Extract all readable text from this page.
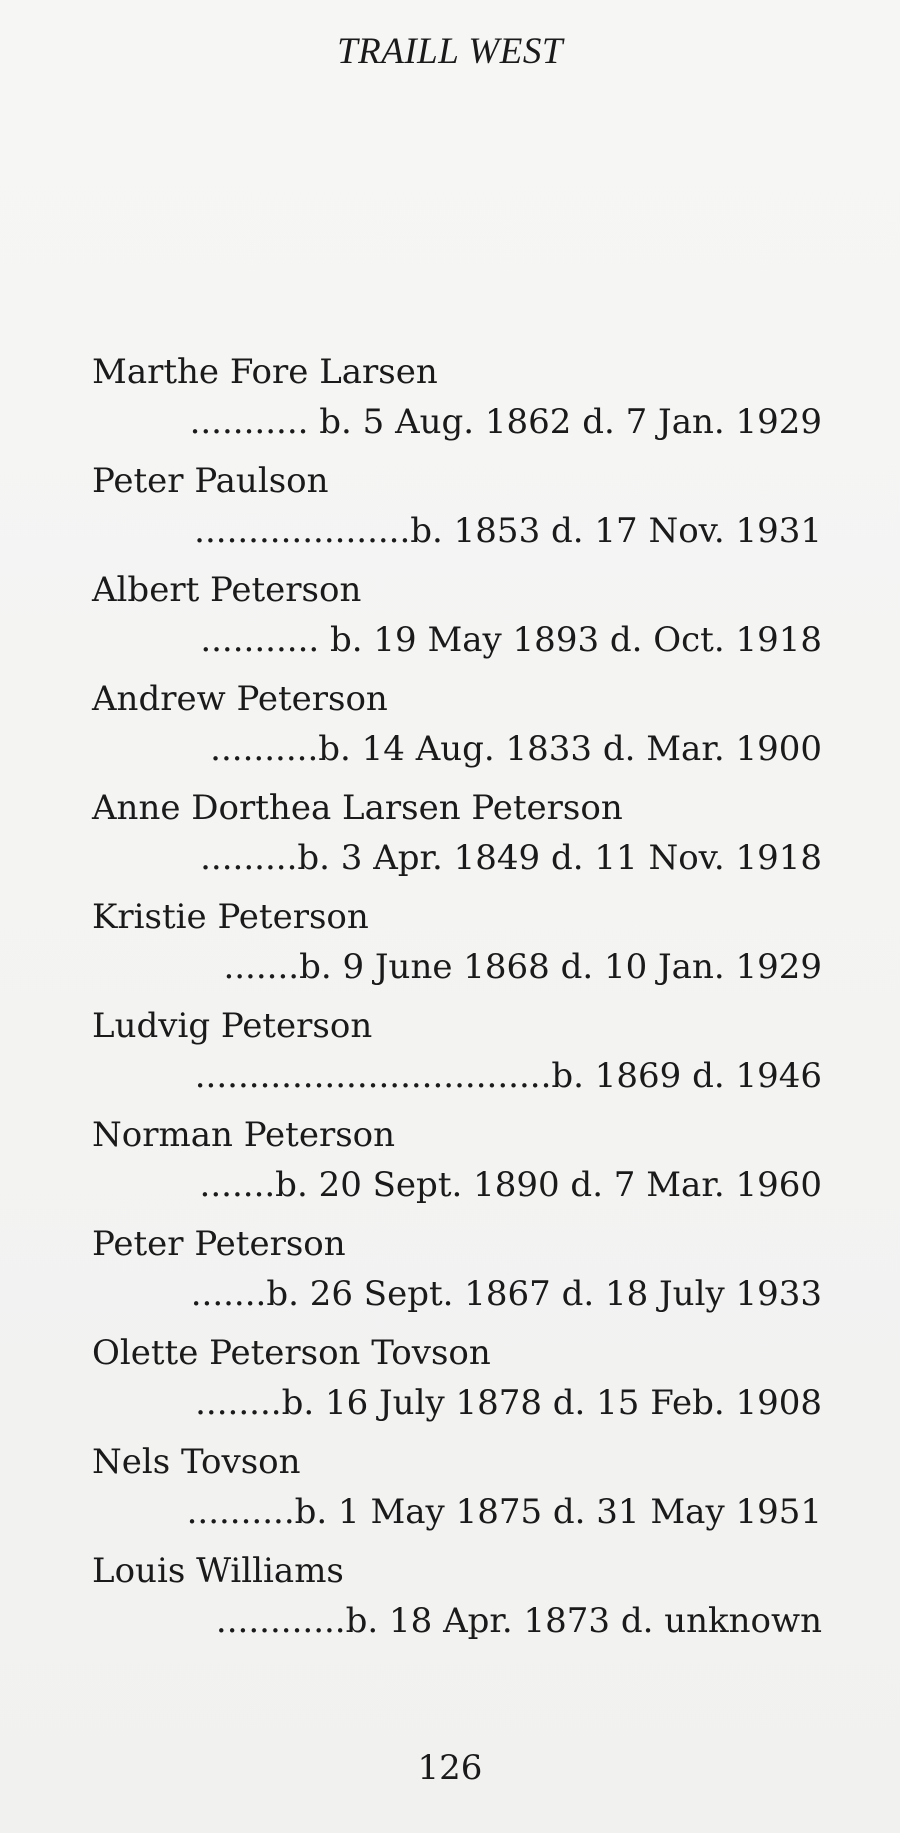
TRAILL WEST
Marthe Fore Larsen
........... b. 5 Aug. 1862 d. 7 Jan. 1929
Peter Paulson
....................b. 1853 d. 17 Nov. 1931
Albert Peterson
........... b. 19 May 1893 d. Oct. 1918
Andrew Peterson
..........b. 14 Aug. 1833 d. Mar. 1900
Anne Dorthea Larsen Peterson
.........b. 3 Apr. 1849 d. 11 Nov. 1918
Kristie Peterson
.......b. 9 June 1868 d. 10 Jan. 1929
Ludvig Peterson
.................................b. 1869 d. 1946
Norman Peterson
.......b. 20 Sept. 1890 d. 7 Mar. 1960
Peter Peterson
.......b. 26 Sept. 1867 d. 18 July 1933
Olette Peterson Tovson
........b. 16 July 1878 d. 15 Feb. 1908
Nels Tovson
..........b. 1 May 1875 d. 31 May 1951
Louis Williams
............b. 18 Apr. 1873 d. unknown
126
